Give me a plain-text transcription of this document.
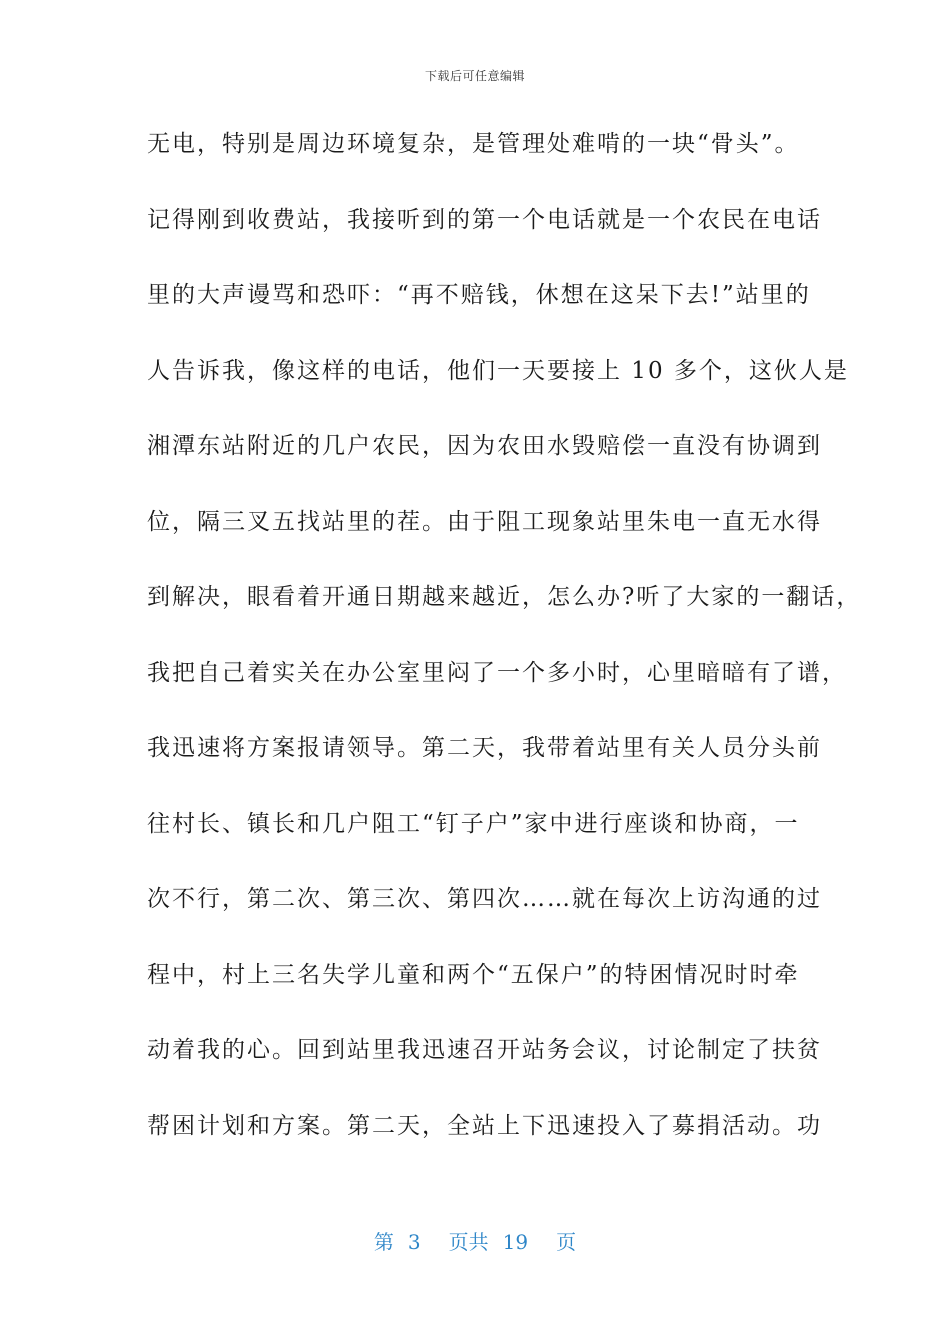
下载后可任意编辑
无电，特别是周边环境复杂，是管理处难啃的一块“骨头”。
记得刚到收费站，我接听到的第一个电话就是一个农民在电话
里的大声谩骂和恐吓：“再不赔钱，休想在这呆下去!”站里的
人告诉我，像这样的电话，他们一天要接上 10 多个，这伙人是
湘潭东站附近的几户农民，因为农田水毁赔偿一直没有协调到
位，隔三叉五找站里的茬。由于阻工现象站里朱电一直无水得
到解决，眼看着开通日期越来越近，怎么办?听了大家的一翻话，
我把自己着实关在办公室里闷了一个多小时，心里暗暗有了谱，
我迅速将方案报请领导。第二天，我带着站里有关人员分头前
往村长、镇长和几户阻工“钉子户”家中进行座谈和协商，一
次不行，第二次、第三次、第四次……就在每次上访沟通的过
程中，村上三名失学儿童和两个“五保户”的特困情况时时牵
动着我的心。回到站里我迅速召开站务会议，讨论制定了扶贫
帮困计划和方案。第二天，全站上下迅速投入了募捐活动。功
第 3 页共 19 页
